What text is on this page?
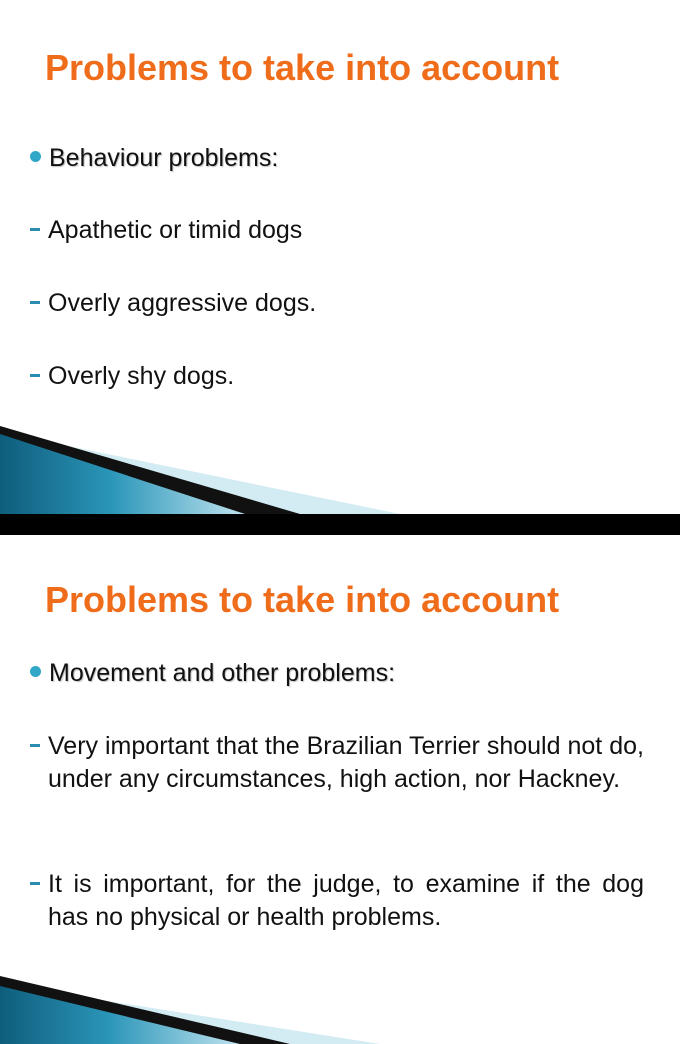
Problems to take into account
Behaviour problems:
Apathetic or timid dogs
Overly aggressive dogs.
Overly shy dogs.
Problems to take into account
Movement and other problems:
Very important that the Brazilian Terrier should not do, under any circumstances, high action, nor Hackney.
It is important, for the judge, to examine if the dog has no physical or health problems.
